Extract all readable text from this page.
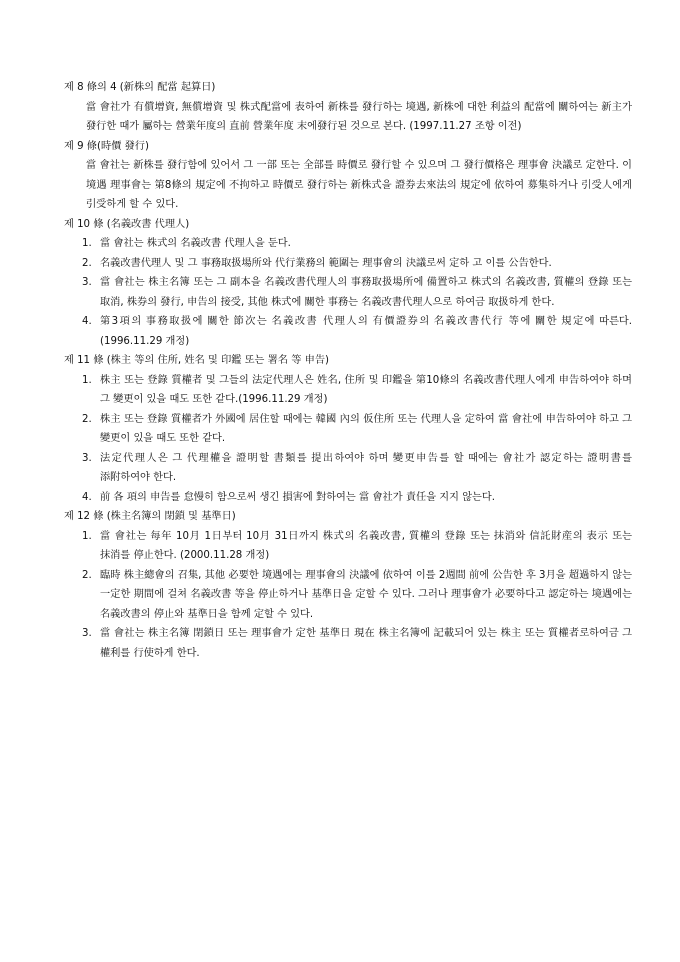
제 8 條의 4 (新株의 配當 起算日)
當 會社가 有償增資, 無償增資 및 株式配當에 表하여 新株를 發行하는 境遇, 新株에 대한 利益의 配當에 關하여는 新主가 發行한 때가 屬하는 營業年度의 直前 營業年度 末에發行된 것으로 본다. (1997.11.27 조항 이전)
제 9 條(時價 發行)
當 會社는 新株를 發行함에 있어서 그 一部 또는 全部를 時價로 發行할 수 있으며 그 發行價格은 理事會 決議로 定한다. 이 境遇 理事會는 第8條의 規定에 不拘하고 時價로 發行하는 新株式을 證券去來法의 規定에 依하여 募集하거나 引受人에게 引受하게 할 수 있다.
제 10 條 (名義改書 代理人)
1. 當 會社는 株式의 名義改書 代理人을 둔다.
2. 名義改書代理人 및 그 事務取扱場所와 代行業務의 範圍는 理事會의 決議로써 定하 고 이를 公告한다.
3. 當 會社는 株主名簿 또는 그 副本을 名義改書代理人의 事務取扱場所에 備置하고 株式의 名義改書, 質權의 登錄 또는 取消, 株券의 發行, 申告의 接受, 其他 株式에 關한 事務는 名義改書代理人으로 하여금 取扱하게 한다.
4. 第3項의 事務取扱에 關한 節次는 名義改書 代理人의 有價證券의 名義改書代行 等에 關한 規定에 따른다. (1996.11.29 개정)
제 11 條 (株主 等의 住所, 姓名 및 印鑑 또는 署名 等 申告)
1. 株主 또는 登錄 質權者 및 그들의 法定代理人은 姓名, 住所 및 印鑑을 第10條의 名義改書代理人에게 申告하여야 하며 그 變更이 있을 때도 또한 같다.(1996.11.29 개정)
2. 株主 또는 登錄 質權者가 外國에 居住할 때에는 韓國 內의 仮住所 또는 代理人을 定하여 當 會社에 申告하여야 하고 그 變更이 있을 때도 또한 같다.
3. 法定代理人은 그 代理權을 證明할 書類를 提出하여야 하며 變更申告를 할 때에는 會社가 認定하는 證明書를 添附하여야 한다.
4. 前 各 項의 申告를 怠慢히 함으로써 생긴 損害에 對하여는 當 會社가 責任을 지지 않는다.
제 12 條 (株主名簿의 閉鎖 및 基準日)
1. 當 會社는 每年 10月 1日부터 10月 31日까지 株式의 名義改書, 質權의 登錄 또는 抹消와 信託財産의 表示 또는 抹消를 停止한다. (2000.11.28 개정)
2. 臨時 株主總會의 召集, 其他 必要한 境遇에는 理事會의 決議에 依하여 이를 2週間 前에 公告한 후 3月을 超過하지 않는 一定한 期間에 걸쳐 名義改書 等을 停止하거나 基準日을 定할 수 있다. 그러나 理事會가 必要하다고 認定하는 境遇에는 名義改書의 停止와 基準日을 함께 定할 수 있다.
3. 當 會社는 株主名簿 閉鎖日 또는 理事會가 定한 基準日 現在 株主名簿에 記載되어 있는 株主 또는 質權者로하여금 그 權利를 行使하게 한다.
